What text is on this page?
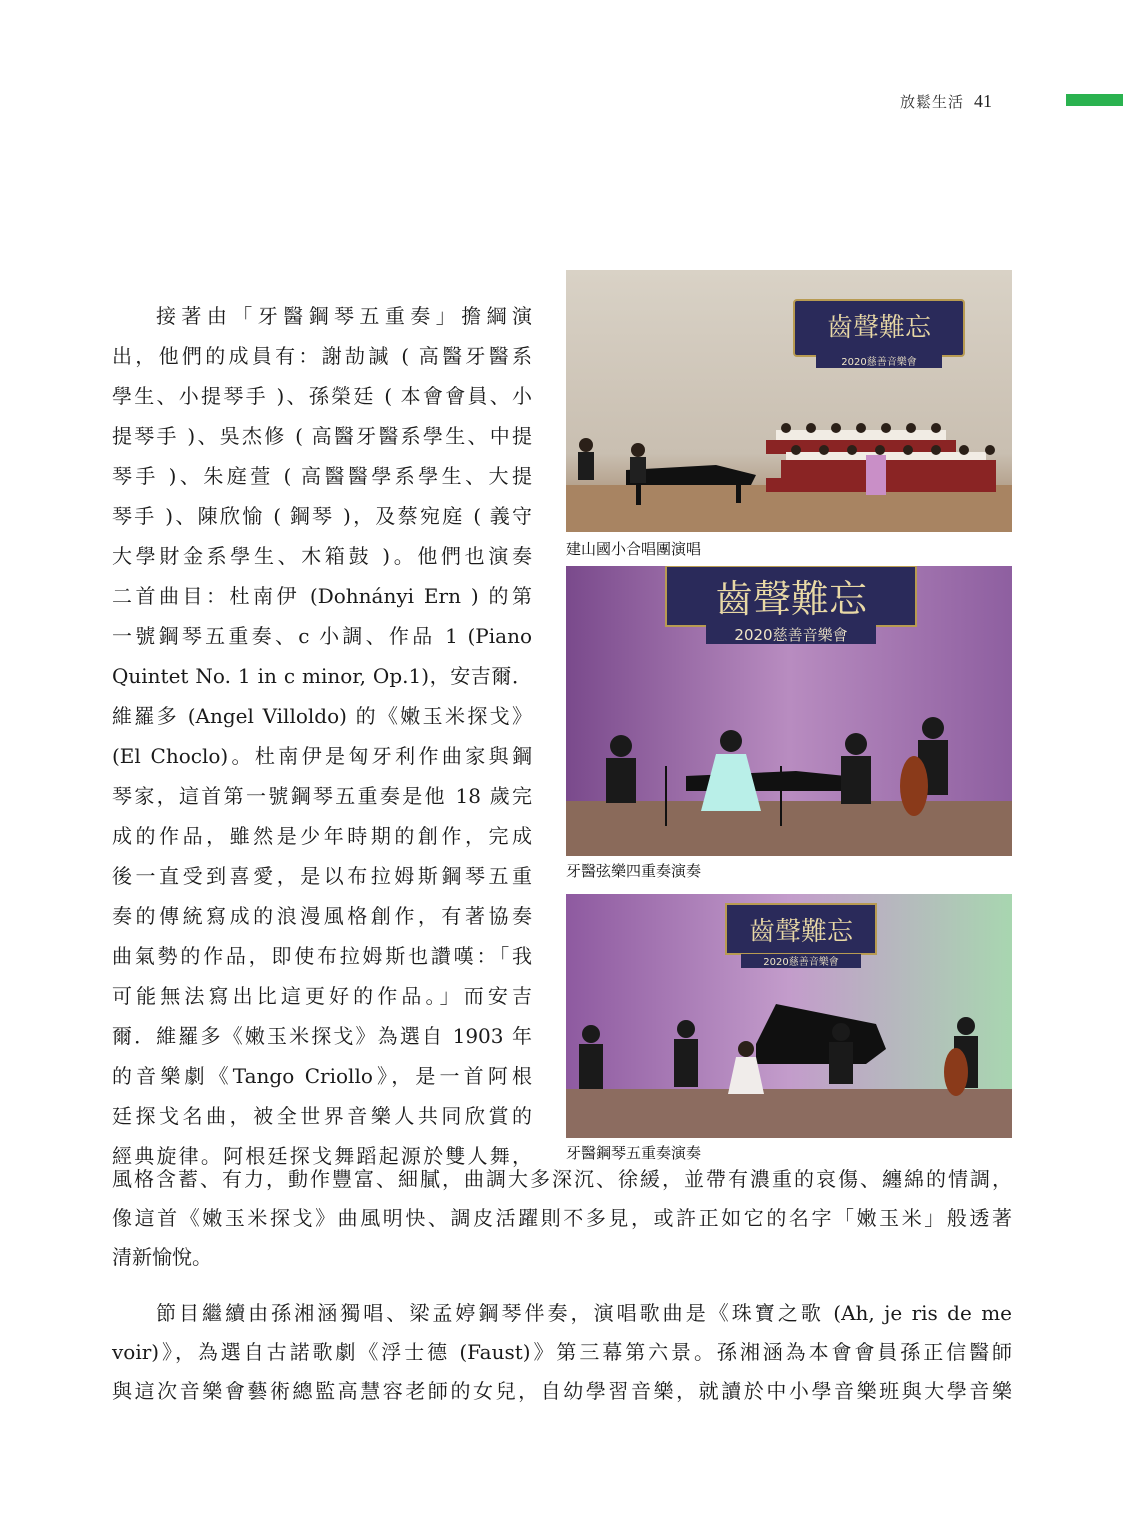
放鬆生活 41

接著由「牙醫鋼琴五重奏」擔綱演

出，他們的成員有：謝劼諴 ( 高醫牙醫系

學生、小提琴手 )、孫榮廷 ( 本會會員、小

提琴手 )、吳杰修 ( 高醫牙醫系學生、中提

琴手 )、朱庭萱 ( 高醫醫學系學生、大提

琴手 )、陳欣愉 ( 鋼琴 )，及蔡宛庭 ( 義守

大學財金系學生、木箱鼓 )。他們也演奏

二首曲目：杜南伊 (Dohnányi Ern ) 的第

一號鋼琴五重奏、c 小調、作品 1 (Piano

Quintet No. 1 in c minor, Op.1)，安吉爾．

維羅多 (Angel Villoldo) 的《嫩玉米探戈》

(El Choclo)。杜南伊是匈牙利作曲家與鋼

琴家，這首第一號鋼琴五重奏是他 18 歲完

成的作品，雖然是少年時期的創作，完成

後一直受到喜愛，是以布拉姆斯鋼琴五重

奏的傳統寫成的浪漫風格創作，有著協奏

曲氣勢的作品，即使布拉姆斯也讚嘆：「我

可能無法寫出比這更好的作品。」而安吉

爾．維羅多《嫩玉米探戈》為選自 1903 年

的音樂劇《Tango Criollo》，是一首阿根

廷探戈名曲，被全世界音樂人共同欣賞的

經典旋律。阿根廷探戈舞蹈起源於雙人舞，

齒聲難忘
2020慈善音樂會
建山國小合唱團演唱
齒聲難忘
2020慈善音樂會
牙醫弦樂四重奏演奏
齒聲難忘
2020慈善音樂會
牙醫鋼琴五重奏演奏

風格含蓄、有力，動作豐富、細膩，曲調大多深沉、徐緩，並帶有濃重的哀傷、纏綿的情調，

像這首《嫩玉米探戈》曲風明快、調皮活躍則不多見，或許正如它的名字「嫩玉米」般透著

清新愉悅。

節目繼續由孫湘涵獨唱、梁孟婷鋼琴伴奏，演唱歌曲是《珠寶之歌 (Ah, je ris de me

voir)》，為選自古諾歌劇《浮士德 (Faust)》第三幕第六景。孫湘涵為本會會員孫正信醫師

與這次音樂會藝術總監高慧容老師的女兒，自幼學習音樂，就讀於中小學音樂班與大學音樂
